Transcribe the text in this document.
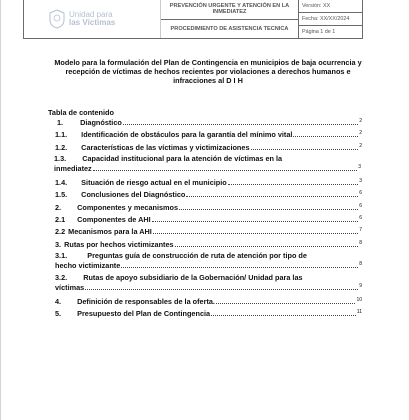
Unidad para
las Víctimas
PREVENCIÓN URGENTE Y ATENCIÓN EN LA INMEDIATEZ
PROCEDIMIENTO DE ASISTENCIA TECNICA
Versión: XX
Fecha: XX/XX/2024
Página 1 de 1
Modelo para la formulación del Plan de Contingencia en municipios de baja ocurrencia y recepción de víctimas de hechos recientes por violaciones a derechos humanos e infracciones al D I H
Tabla de contenido
1. Diagnóstico	2
1.1. Identificación de obstáculos para la garantía del mínimo vital	2
1.2. Características de las víctimas y victimizaciones	2
1.3. Capacidad institucional para la atención de víctimas en la
inmediatez	3
1.4. Situación de riesgo actual en el municipio	3
1.5. Conclusiones del Diagnóstico	6
2. Componentes y mecanismos	6
2.1 Componentes de AHI	6
2.2 Mecanismos para la AHI	7
3. Rutas por hechos victimizantes	8
3.1.	Preguntas guía de construcción de ruta de atención por tipo de
hecho victimizante	8
3.2. Rutas de apoyo subsidiario de la Gobernación/ Unidad para las
víctimas	9
4. Definición de responsables de la oferta.	10
5. Presupuesto del Plan de Contingencia	11
